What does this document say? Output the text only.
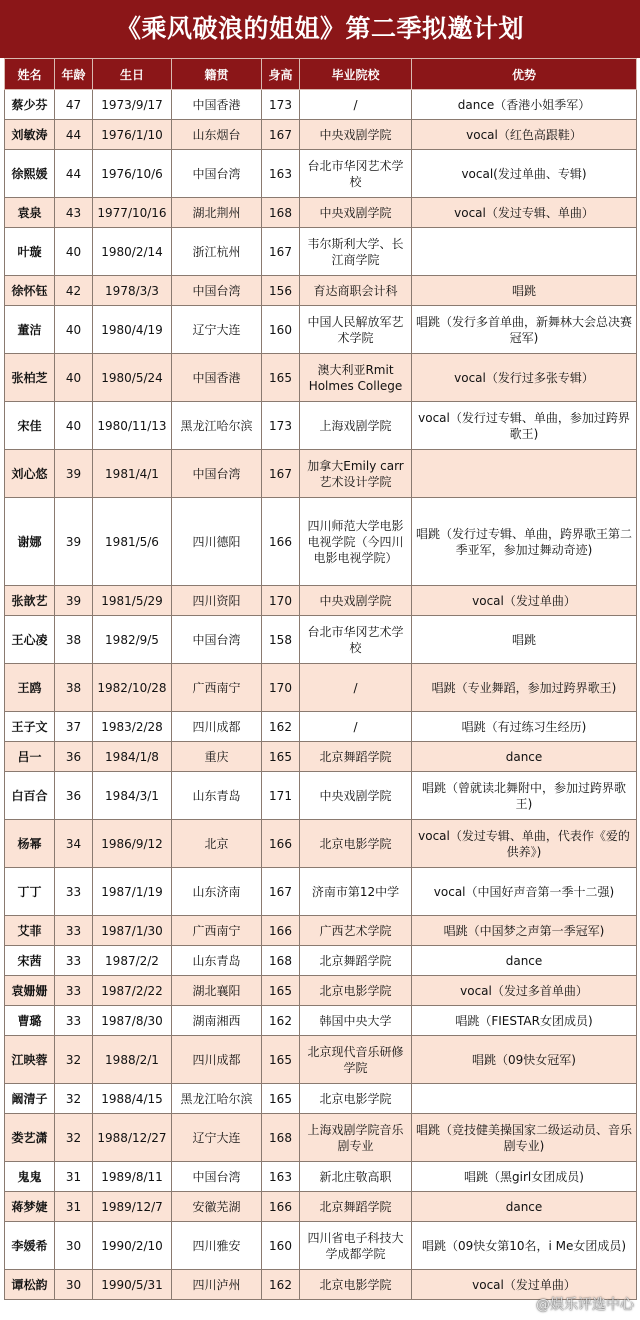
《乘风破浪的姐姐》第二季拟邀计划
姓名	年龄	生日	籍贯	身高	毕业院校	优势
蔡少芬	47	1973/9/17	中国香港	173	/	dance（香港小姐季军）
刘敏涛	44	1976/1/10	山东烟台	167	中央戏剧学院	vocal（红色高跟鞋）
徐熙媛	44	1976/10/6	中国台湾	163	台北市华冈艺术学校	vocal(发过单曲、专辑)
袁泉	43	1977/10/16	湖北荆州	168	中央戏剧学院	vocal（发过专辑、单曲）
叶璇	40	1980/2/14	浙江杭州	167	韦尔斯利大学、长江商学院	
徐怀钰	42	1978/3/3	中国台湾	156	育达商职会计科	唱跳
董洁	40	1980/4/19	辽宁大连	160	中国人民解放军艺术学院	唱跳（发行多首单曲，新舞林大会总决赛冠军)
张柏芝	40	1980/5/24	中国香港	165	澳大利亚Rmit Holmes College	vocal（发行过多张专辑）
宋佳	40	1980/11/13	黑龙江哈尔滨	173	上海戏剧学院	vocal（发行过专辑、单曲，参加过跨界歌王)
刘心悠	39	1981/4/1	中国台湾	167	加拿大Emily carr艺术设计学院	
谢娜	39	1981/5/6	四川德阳	166	四川师范大学电影电视学院（今四川电影电视学院）	唱跳（发行过专辑、单曲，跨界歌王第二季亚军，参加过舞动奇迹)
张歆艺	39	1981/5/29	四川资阳	170	中央戏剧学院	vocal（发过单曲）
王心凌	38	1982/9/5	中国台湾	158	台北市华冈艺术学校	唱跳
王鸥	38	1982/10/28	广西南宁	170	/	唱跳（专业舞蹈，参加过跨界歌王)
王子文	37	1983/2/28	四川成都	162	/	唱跳（有过练习生经历)
吕一	36	1984/1/8	重庆	165	北京舞蹈学院	dance
白百合	36	1984/3/1	山东青岛	171	中央戏剧学院	唱跳（曾就读北舞附中，参加过跨界歌王)
杨幂	34	1986/9/12	北京	166	北京电影学院	vocal（发过专辑、单曲，代表作《爱的供养》)
丁丁	33	1987/1/19	山东济南	167	济南市第12中学	vocal（中国好声音第一季十二强)
艾菲	33	1987/1/30	广西南宁	166	广西艺术学院	唱跳（中国梦之声第一季冠军)
宋茜	33	1987/2/2	山东青岛	168	北京舞蹈学院	dance
袁姗姗	33	1987/2/22	湖北襄阳	165	北京电影学院	vocal（发过多首单曲）
曹璐	33	1987/8/30	湖南湘西	162	韩国中央大学	唱跳（FIESTAR女团成员)
江映蓉	32	1988/2/1	四川成都	165	北京现代音乐研修学院	唱跳（09快女冠军)
阚清子	32	1988/4/15	黑龙江哈尔滨	165	北京电影学院	
娄艺潇	32	1988/12/27	辽宁大连	168	上海戏剧学院音乐剧专业	唱跳（竞技健美操国家二级运动员、音乐剧专业)
鬼鬼	31	1989/8/11	中国台湾	163	新北庄敬高职	唱跳（黑girl女团成员)
蒋梦婕	31	1989/12/7	安徽芜湖	166	北京舞蹈学院	dance
李媛希	30	1990/2/10	四川雅安	160	四川省电子科技大学成都学院	唱跳（09快女第10名，i Me女团成员)
谭松韵	30	1990/5/31	四川泸州	162	北京电影学院	vocal（发过单曲）
@娱乐评选中心
